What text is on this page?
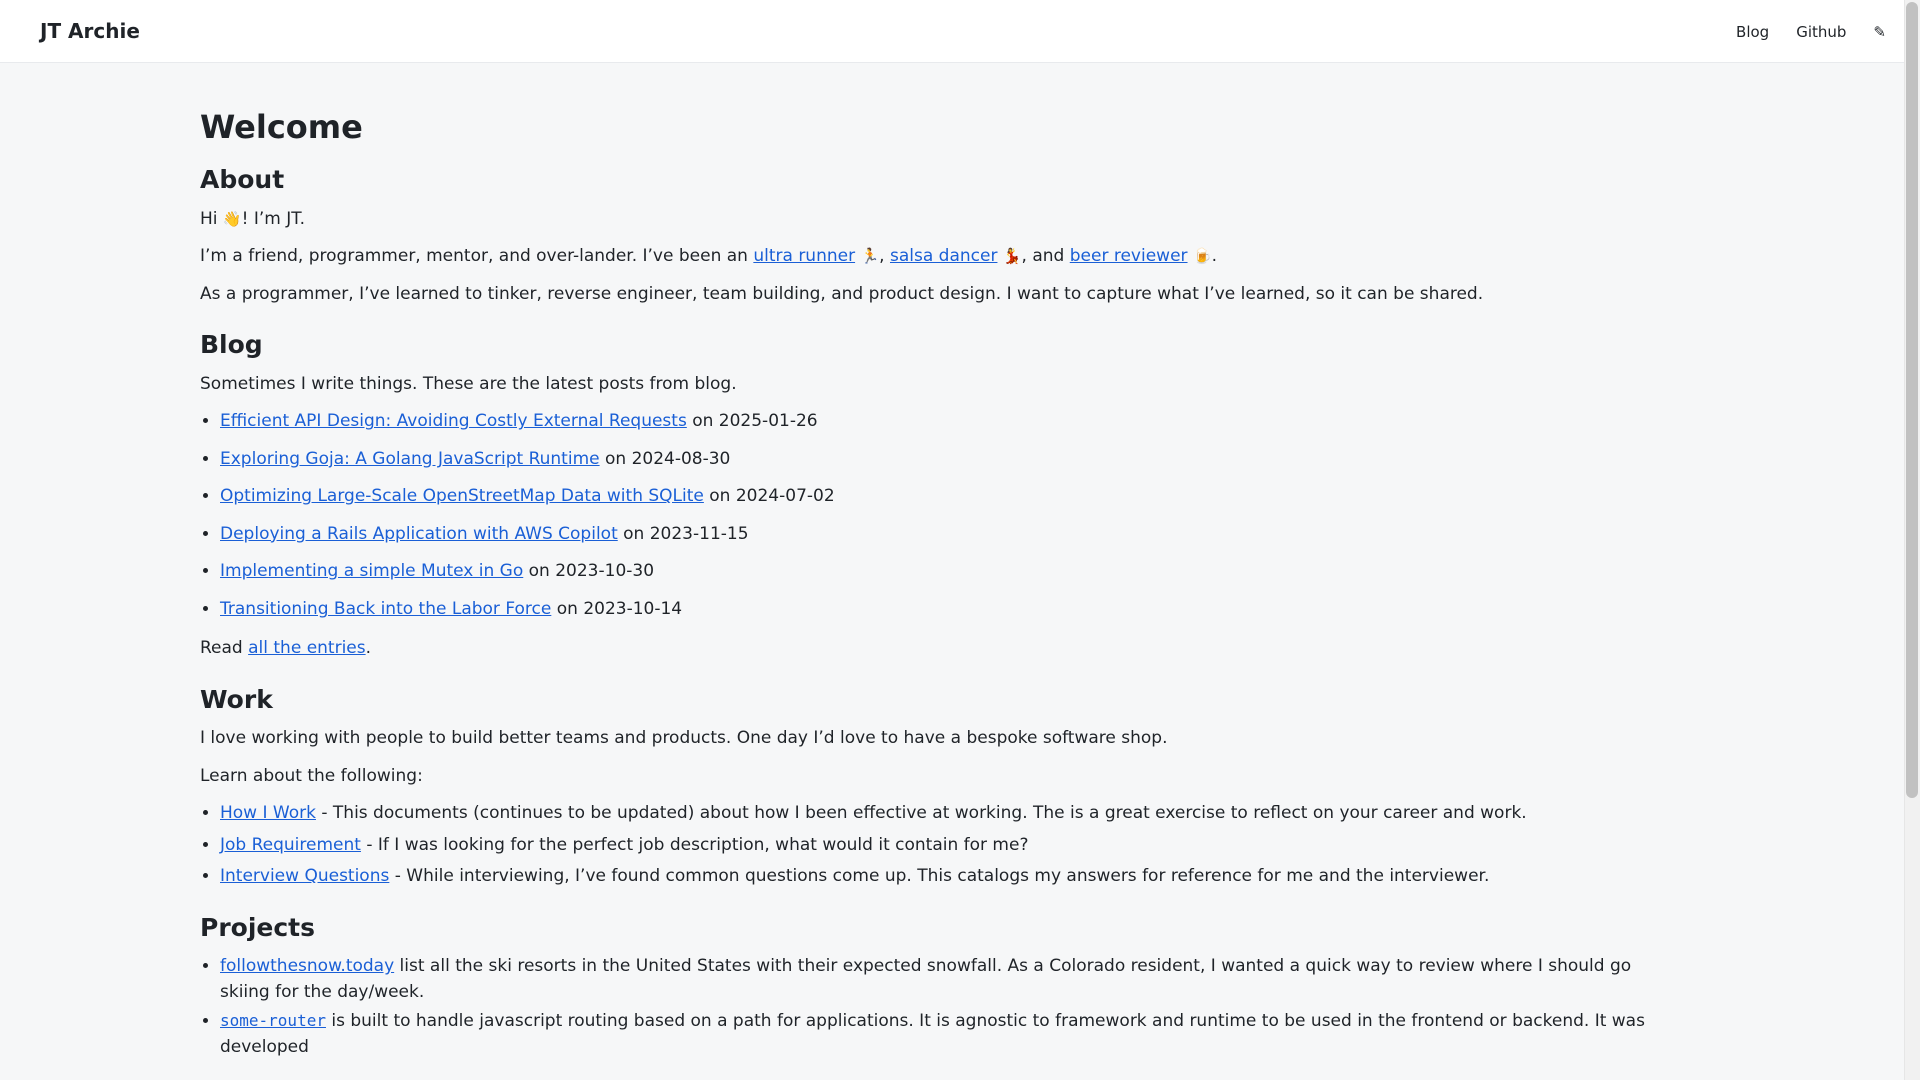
JT Archie	Blog Github ✎
Welcome
About

Hi 👋! I’m JT.

I’m a friend, programmer, mentor, and over-lander. I’ve been an ultra runner 🏃, salsa dancer 💃, and beer reviewer 🍺.

As a programmer, I’ve learned to tinker, reverse engineer, team building, and product design. I want to capture what I’ve learned, so it can be shared.

Blog

Sometimes I write things. These are the latest posts from blog.

• Efficient API Design: Avoiding Costly External Requests on 2025-01-26
• Exploring Goja: A Golang JavaScript Runtime on 2024-08-30
• Optimizing Large-Scale OpenStreetMap Data with SQLite on 2024-07-02
• Deploying a Rails Application with AWS Copilot on 2023-11-15
• Implementing a simple Mutex in Go on 2023-10-30
• Transitioning Back into the Labor Force on 2023-10-14

Read all the entries.

Work

I love working with people to build better teams and products. One day I’d love to have a bespoke software shop.

Learn about the following:

• How I Work - This documents (continues to be updated) about how I been effective at working. The is a great exercise to reflect on your career and work.
• Job Requirement - If I was looking for the perfect job description, what would it contain for me?
• Interview Questions - While interviewing, I’ve found common questions come up. This catalogs my answers for reference for me and the interviewer.
Projects
• followthesnow.today list all the ski resorts in the United States with their expected snowfall. As a Colorado resident, I wanted a quick way to review where I should go skiing for the day/week.
• some-router is built to handle javascript routing based on a path for applications. It is agnostic to framework and runtime to be used in the frontend or backend. It was developed
